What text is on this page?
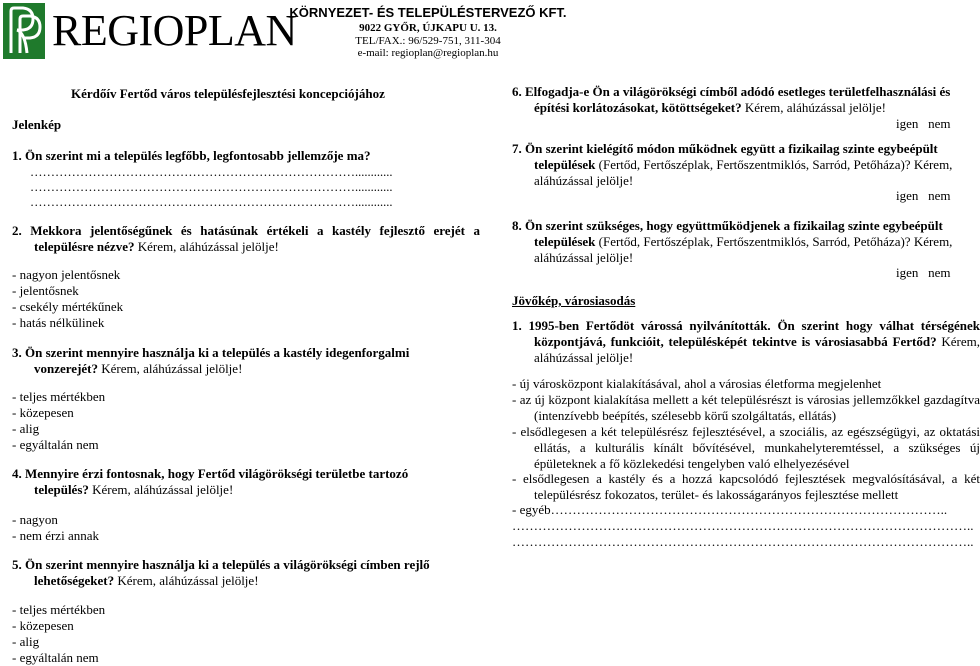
REGIOPLAN
KÖRNYEZET- ÉS TELEPÜLÉSTERVEZŐ KFT.
9022 GYŐR, ÚJKAPU U. 13.
TEL/FAX.: 96/529-751, 311-304
e-mail: regioplan@regioplan.hu
Kérdőív Fertőd város településfejlesztési koncepciójához
Jelenkép
1. Ön szerint mi a település legfőbb, legfontosabb jellemzője ma?
……………………………………………………………………............
……………………………………………………………………............
……………………………………………………………………............
2. Mekkora jelentőségűnek és hatásúnak értékeli a kastély fejlesztő erejét a településre nézve? Kérem, aláhúzással jelölje!
- nagyon jelentősnek
- jelentősnek
- csekély mértékűnek
- hatás nélkülinek
3. Ön szerint mennyire használja ki a település a kastély idegenforgalmi vonzerejét? Kérem, aláhúzással jelölje!
- teljes mértékben
- közepesen
- alig
- egyáltalán nem
4. Mennyire érzi fontosnak, hogy Fertőd világörökségi területbe tartozó település? Kérem, aláhúzással jelölje!
- nagyon
- nem érzi annak
5. Ön szerint mennyire használja ki a település a világörökségi címben rejlő lehetőségeket? Kérem, aláhúzással jelölje!
- teljes mértékben
- közepesen
- alig
- egyáltalán nem
6. Elfogadja-e Ön a világörökségi címből adódó esetleges területfelhasználási és építési korlátozásokat, kötöttségeket? Kérem, aláhúzással jelölje!
igen   nem
7. Ön szerint kielégítő módon működnek együtt a fizikailag szinte egybeépült települések (Fertőd, Fertőszéplak, Fertőszentmiklós, Sarród, Petőháza)? Kérem, aláhúzással jelölje!
igen   nem
8. Ön szerint szükséges, hogy együttműködjenek a fizikailag szinte egybeépült települések (Fertőd, Fertőszéplak, Fertőszentmiklós, Sarród, Petőháza)? Kérem, aláhúzással jelölje!
igen   nem
Jövőkép, városiasodás
1. 1995-ben Fertődöt várossá nyilvánították. Ön szerint hogy válhat térségének központjává, funkcióit, településképét tekintve is városiasabbá Fertőd? Kérem, aláhúzással jelölje!
- új városközpont kialakításával, ahol a városias életforma megjelenhet
- az új központ kialakítása mellett a két településrészt is városias jellemzőkkel gazdagítva (intenzívebb beépítés, szélesebb körű szolgáltatás, ellátás)
- elsődlegesen a két településrész fejlesztésével, a szociális, az egészségügyi, az oktatási ellátás, a kulturális kínált bővítésével, munkahelyteremtéssel, a szükséges új épületeknek a fő közlekedési tengelyben való elhelyezésével
- elsődlegesen a kastély és a hozzá kapcsolódó fejlesztések megvalósításával, a két településrész fokozatos, terület- és lakosságarányos fejlesztése mellett
- egyéb………………………………………………………………………………..
……………………………………………………………………………………………..
……………………………………………………………………………………………..
